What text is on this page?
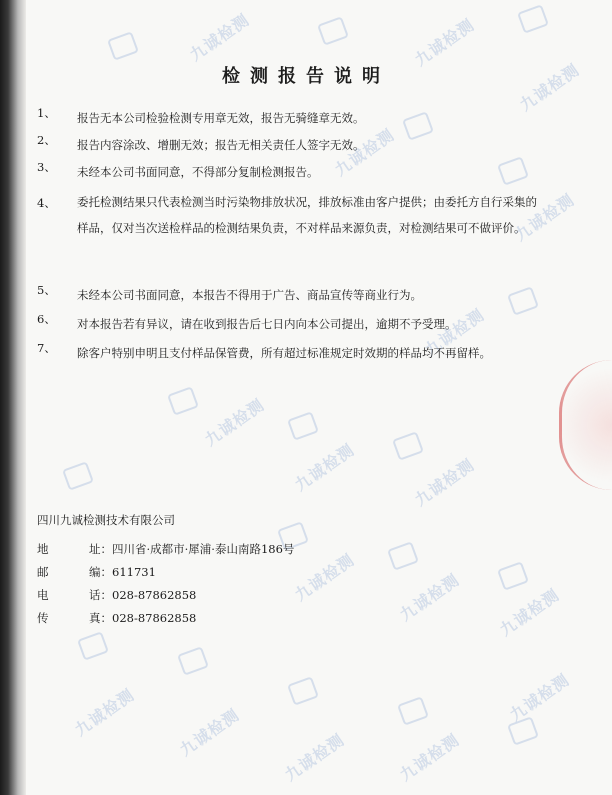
九诚检测	九诚检测
九诚检测
九诚检测
九诚检测
九诚检测
九诚检测
九诚检测	九诚检测
九诚检测 九诚检测 九诚检测
九诚检测 九诚检测 九诚检测	九诚检测
九诚检测
检测报告说明
1、	报告无本公司检验检测专用章无效，报告无骑缝章无效。
2、	报告内容涂改、增删无效；报告无相关责任人签字无效。
3、	未经本公司书面同意，不得部分复制检测报告。
4、	委托检测结果只代表检测当时污染物排放状况，排放标准由客户提供；由委托方自行采集的样品，仅对当次送检样品的检测结果负责，不对样品来源负责，对检测结果可不做评价。
5、	未经本公司书面同意，本报告不得用于广告、商品宣传等商业行为。
6、	对本报告若有异议，请在收到报告后七日内向本公司提出，逾期不予受理。
7、	除客户特别申明且支付样品保管费，所有超过标准规定时效期的样品均不再留样。
四川九诚检测技术有限公司
地 址：四川省·成都市·犀浦·泰山南路186号
邮 编：611731
电 话：028-87862858
传 真：028-87862858
